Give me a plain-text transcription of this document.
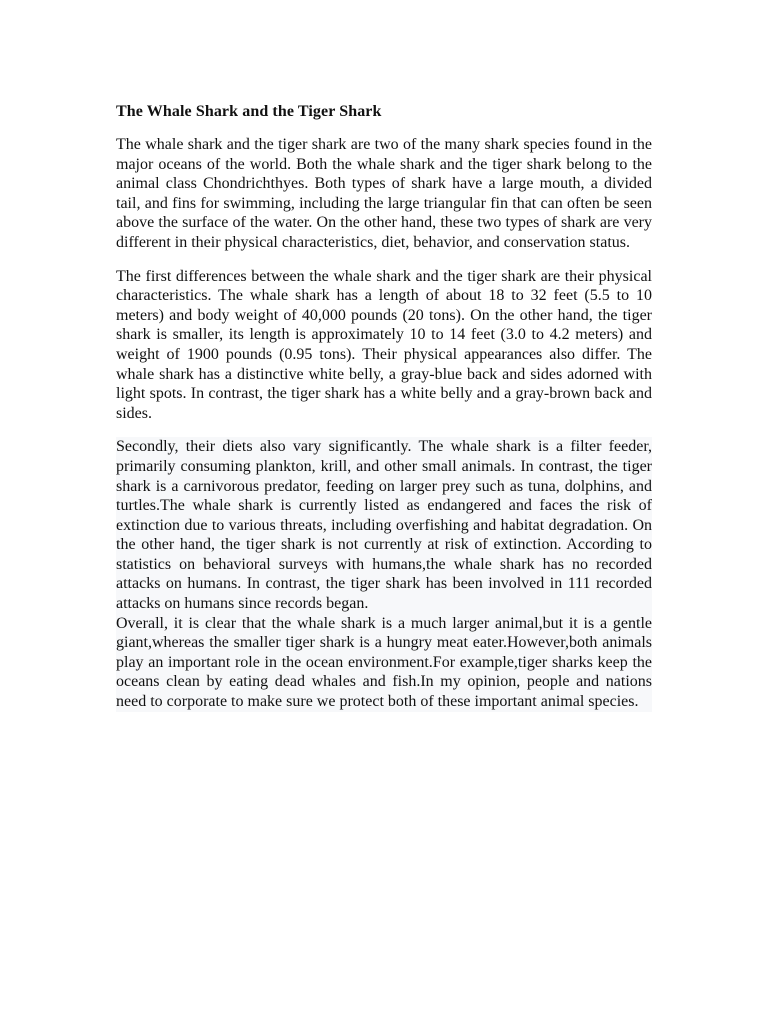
The Whale Shark and the Tiger Shark

The whale shark and the tiger shark are two of the many shark species found in the major oceans of the world. Both the whale shark and the tiger shark belong to the animal class Chondrichthyes. Both types of shark have a large mouth, a divided tail, and fins for swimming, including the large triangular fin that can often be seen above the surface of the water. On the other hand, these two types of shark are very different in their physical characteristics, diet, behavior, and conservation status.

The first differences between the whale shark and the tiger shark are their physical characteristics. The whale shark has a length of about 18 to 32 feet (5.5 to 10 meters) and body weight of 40,000 pounds (20 tons). On the other hand, the tiger shark is smaller, its length is approximately 10 to 14 feet (3.0 to 4.2 meters) and weight of 1900 pounds (0.95 tons). Their physical appearances also differ. The whale shark has a distinctive white belly, a gray-blue back and sides adorned with light spots. In contrast, the tiger shark has a white belly and a gray-brown back and sides.

Secondly, their diets also vary significantly. The whale shark is a filter feeder, primarily consuming plankton, krill, and other small animals. In contrast, the tiger shark is a carnivorous predator, feeding on larger prey such as tuna, dolphins, and turtles.The whale shark is currently listed as endangered and faces the risk of extinction due to various threats, including overfishing and habitat degradation. On the other hand, the tiger shark is not currently at risk of extinction. According to statistics on behavioral surveys with humans,the whale shark has no recorded attacks on humans. In contrast, the tiger shark has been involved in 111 recorded attacks on humans since records began.

Overall, it is clear that the whale shark is a much larger animal,but it is a gentle giant,whereas the smaller tiger shark is a hungry meat eater.However,both animals play an important role in the ocean environment.For example,tiger sharks keep the oceans clean by eating dead whales and fish.In my opinion, people and nations need to corporate to make sure we protect both of these important animal species.
